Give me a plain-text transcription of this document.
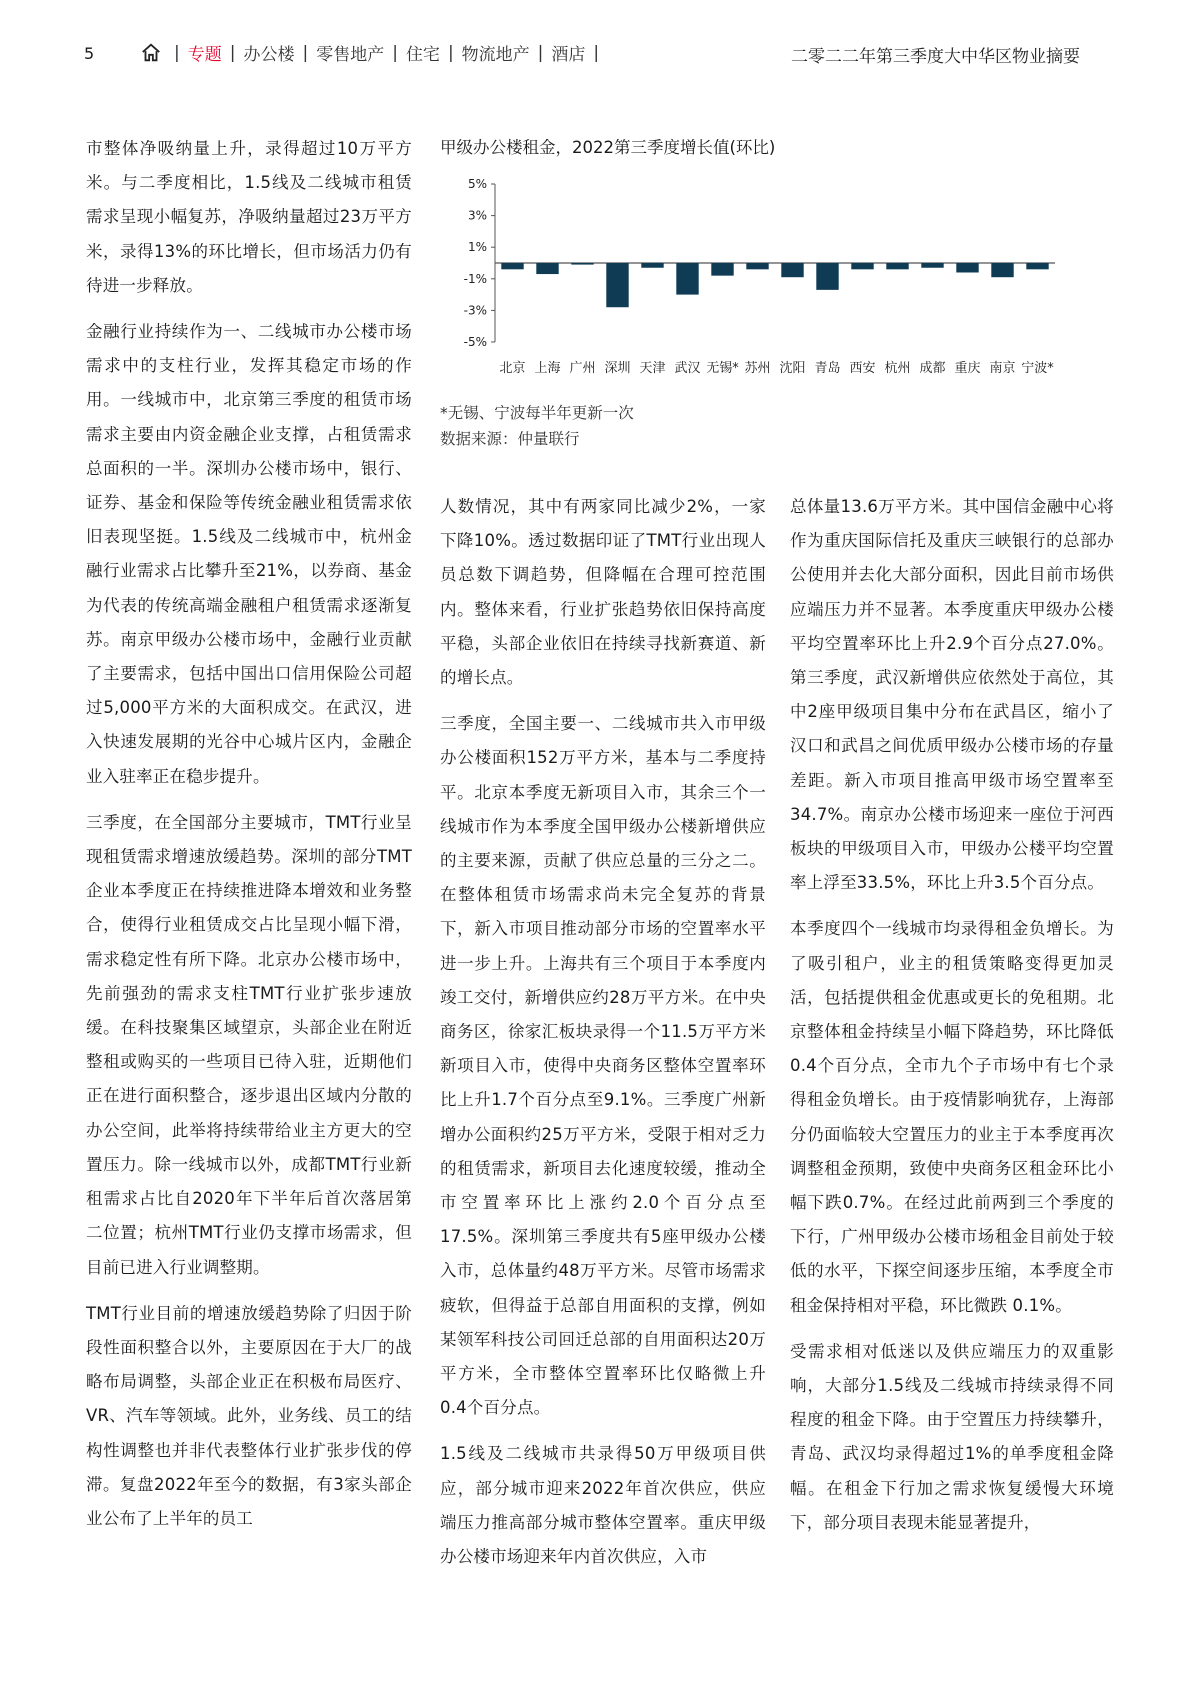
5	| 专题 | 办公楼 | 零售地产 | 住宅 | 物流地产 | 酒店 |	二零二二年第三季度大中华区物业摘要

市整体净吸纳量上升，录得超过10万平方米。与二季度相比，1.5线及二线城市租赁需求呈现小幅复苏，净吸纳量超过23万平方米，录得13%的环比增长，但市场活力仍有待进一步释放。

金融行业持续作为一、二线城市办公楼市场需求中的支柱行业，发挥其稳定市场的作用。一线城市中，北京第三季度的租赁市场需求主要由内资金融企业支撑，占租赁需求总面积的一半。深圳办公楼市场中，银行、证券、基金和保险等传统金融业租赁需求依旧表现坚挺。1.5线及二线城市中，杭州金融行业需求占比攀升至21%，以券商、基金为代表的传统高端金融租户租赁需求逐渐复苏。南京甲级办公楼市场中，金融行业贡献了主要需求，包括中国出口信用保险公司超过5,000平方米的大面积成交。在武汉，进入快速发展期的光谷中心城片区内，金融企业入驻率正在稳步提升。

三季度，在全国部分主要城市，TMT行业呈现租赁需求增速放缓趋势。深圳的部分TMT企业本季度正在持续推进降本增效和业务整合，使得行业租赁成交占比呈现小幅下滑，需求稳定性有所下降。北京办公楼市场中，先前强劲的需求支柱TMT行业扩张步速放缓。在科技聚集区域望京，头部企业在附近整租或购买的一些项目已待入驻，近期他们正在进行面积整合，逐步退出区域内分散的办公空间，此举将持续带给业主方更大的空置压力。除一线城市以外，成都TMT行业新租需求占比自2020年下半年后首次落居第二位置；杭州TMT行业仍支撑市场需求，但目前已进入行业调整期。

TMT行业目前的增速放缓趋势除了归因于阶段性面积整合以外，主要原因在于大厂的战略布局调整，头部企业正在积极布局医疗、VR、汽车等领域。此外，业务线、员工的结构性调整也并非代表整体行业扩张步伐的停滞。复盘2022年至今的数据，有3家头部企业公布了上半年的员工

甲级办公楼租金，2022第三季度增长值(环比)
5%
3%
1%
-1%
-3%
-5%
北京 上海 广州 深圳 天津 武汉 无锡* 苏州 沈阳 青岛 西安 杭州 成都 重庆 南京 宁波*
*无锡、宁波每半年更新一次
数据来源：仲量联行

人数情况，其中有两家同比减少2%，一家下降10%。透过数据印证了TMT行业出现人员总数下调趋势，但降幅在合理可控范围内。整体来看，行业扩张趋势依旧保持高度平稳，头部企业依旧在持续寻找新赛道、新的增长点。

三季度，全国主要一、二线城市共入市甲级办公楼面积152万平方米，基本与二季度持平。北京本季度无新项目入市，其余三个一线城市作为本季度全国甲级办公楼新增供应的主要来源，贡献了供应总量的三分之二。在整体租赁市场需求尚未完全复苏的背景下，新入市项目推动部分市场的空置率水平进一步上升。上海共有三个项目于本季度内竣工交付，新增供应约28万平方米。在中央商务区，徐家汇板块录得一个11.5万平方米新项目入市，使得中央商务区整体空置率环比上升1.7个百分点至9.1%。三季度广州新增办公面积约25万平方米，受限于相对乏力的租赁需求，新项目去化速度较缓，推动全市空置率环比上涨约2.0个百分点至17.5%。深圳第三季度共有5座甲级办公楼入市，总体量约48万平方米。尽管市场需求疲软，但得益于总部自用面积的支撑，例如某领军科技公司回迁总部的自用面积达20万平方米，全市整体空置率环比仅略微上升0.4个百分点。

1.5线及二线城市共录得50万甲级项目供应，部分城市迎来2022年首次供应，供应端压力推高部分城市整体空置率。重庆甲级办公楼市场迎来年内首次供应，入市

总体量13.6万平方米。其中国信金融中心将作为重庆国际信托及重庆三峡银行的总部办公使用并去化大部分面积，因此目前市场供应端压力并不显著。本季度重庆甲级办公楼平均空置率环比上升2.9个百分点27.0%。第三季度，武汉新增供应依然处于高位，其中2座甲级项目集中分布在武昌区，缩小了汉口和武昌之间优质甲级办公楼市场的存量差距。新入市项目推高甲级市场空置率至34.7%。南京办公楼市场迎来一座位于河西板块的甲级项目入市，甲级办公楼平均空置率上浮至33.5%，环比上升3.5个百分点。

本季度四个一线城市均录得租金负增长。为了吸引租户，业主的租赁策略变得更加灵活，包括提供租金优惠或更长的免租期。北京整体租金持续呈小幅下降趋势，环比降低0.4个百分点，全市九个子市场中有七个录得租金负增长。由于疫情影响犹存，上海部分仍面临较大空置压力的业主于本季度再次调整租金预期，致使中央商务区租金环比小幅下跌0.7%。在经过此前两到三个季度的下行，广州甲级办公楼市场租金目前处于较低的水平，下探空间逐步压缩，本季度全市租金保持相对平稳，环比微跌 0.1%。

受需求相对低迷以及供应端压力的双重影响，大部分1.5线及二线城市持续录得不同程度的租金下降。由于空置压力持续攀升，青岛、武汉均录得超过1%的单季度租金降幅。在租金下行加之需求恢复缓慢大环境下，部分项目表现未能显著提升，
